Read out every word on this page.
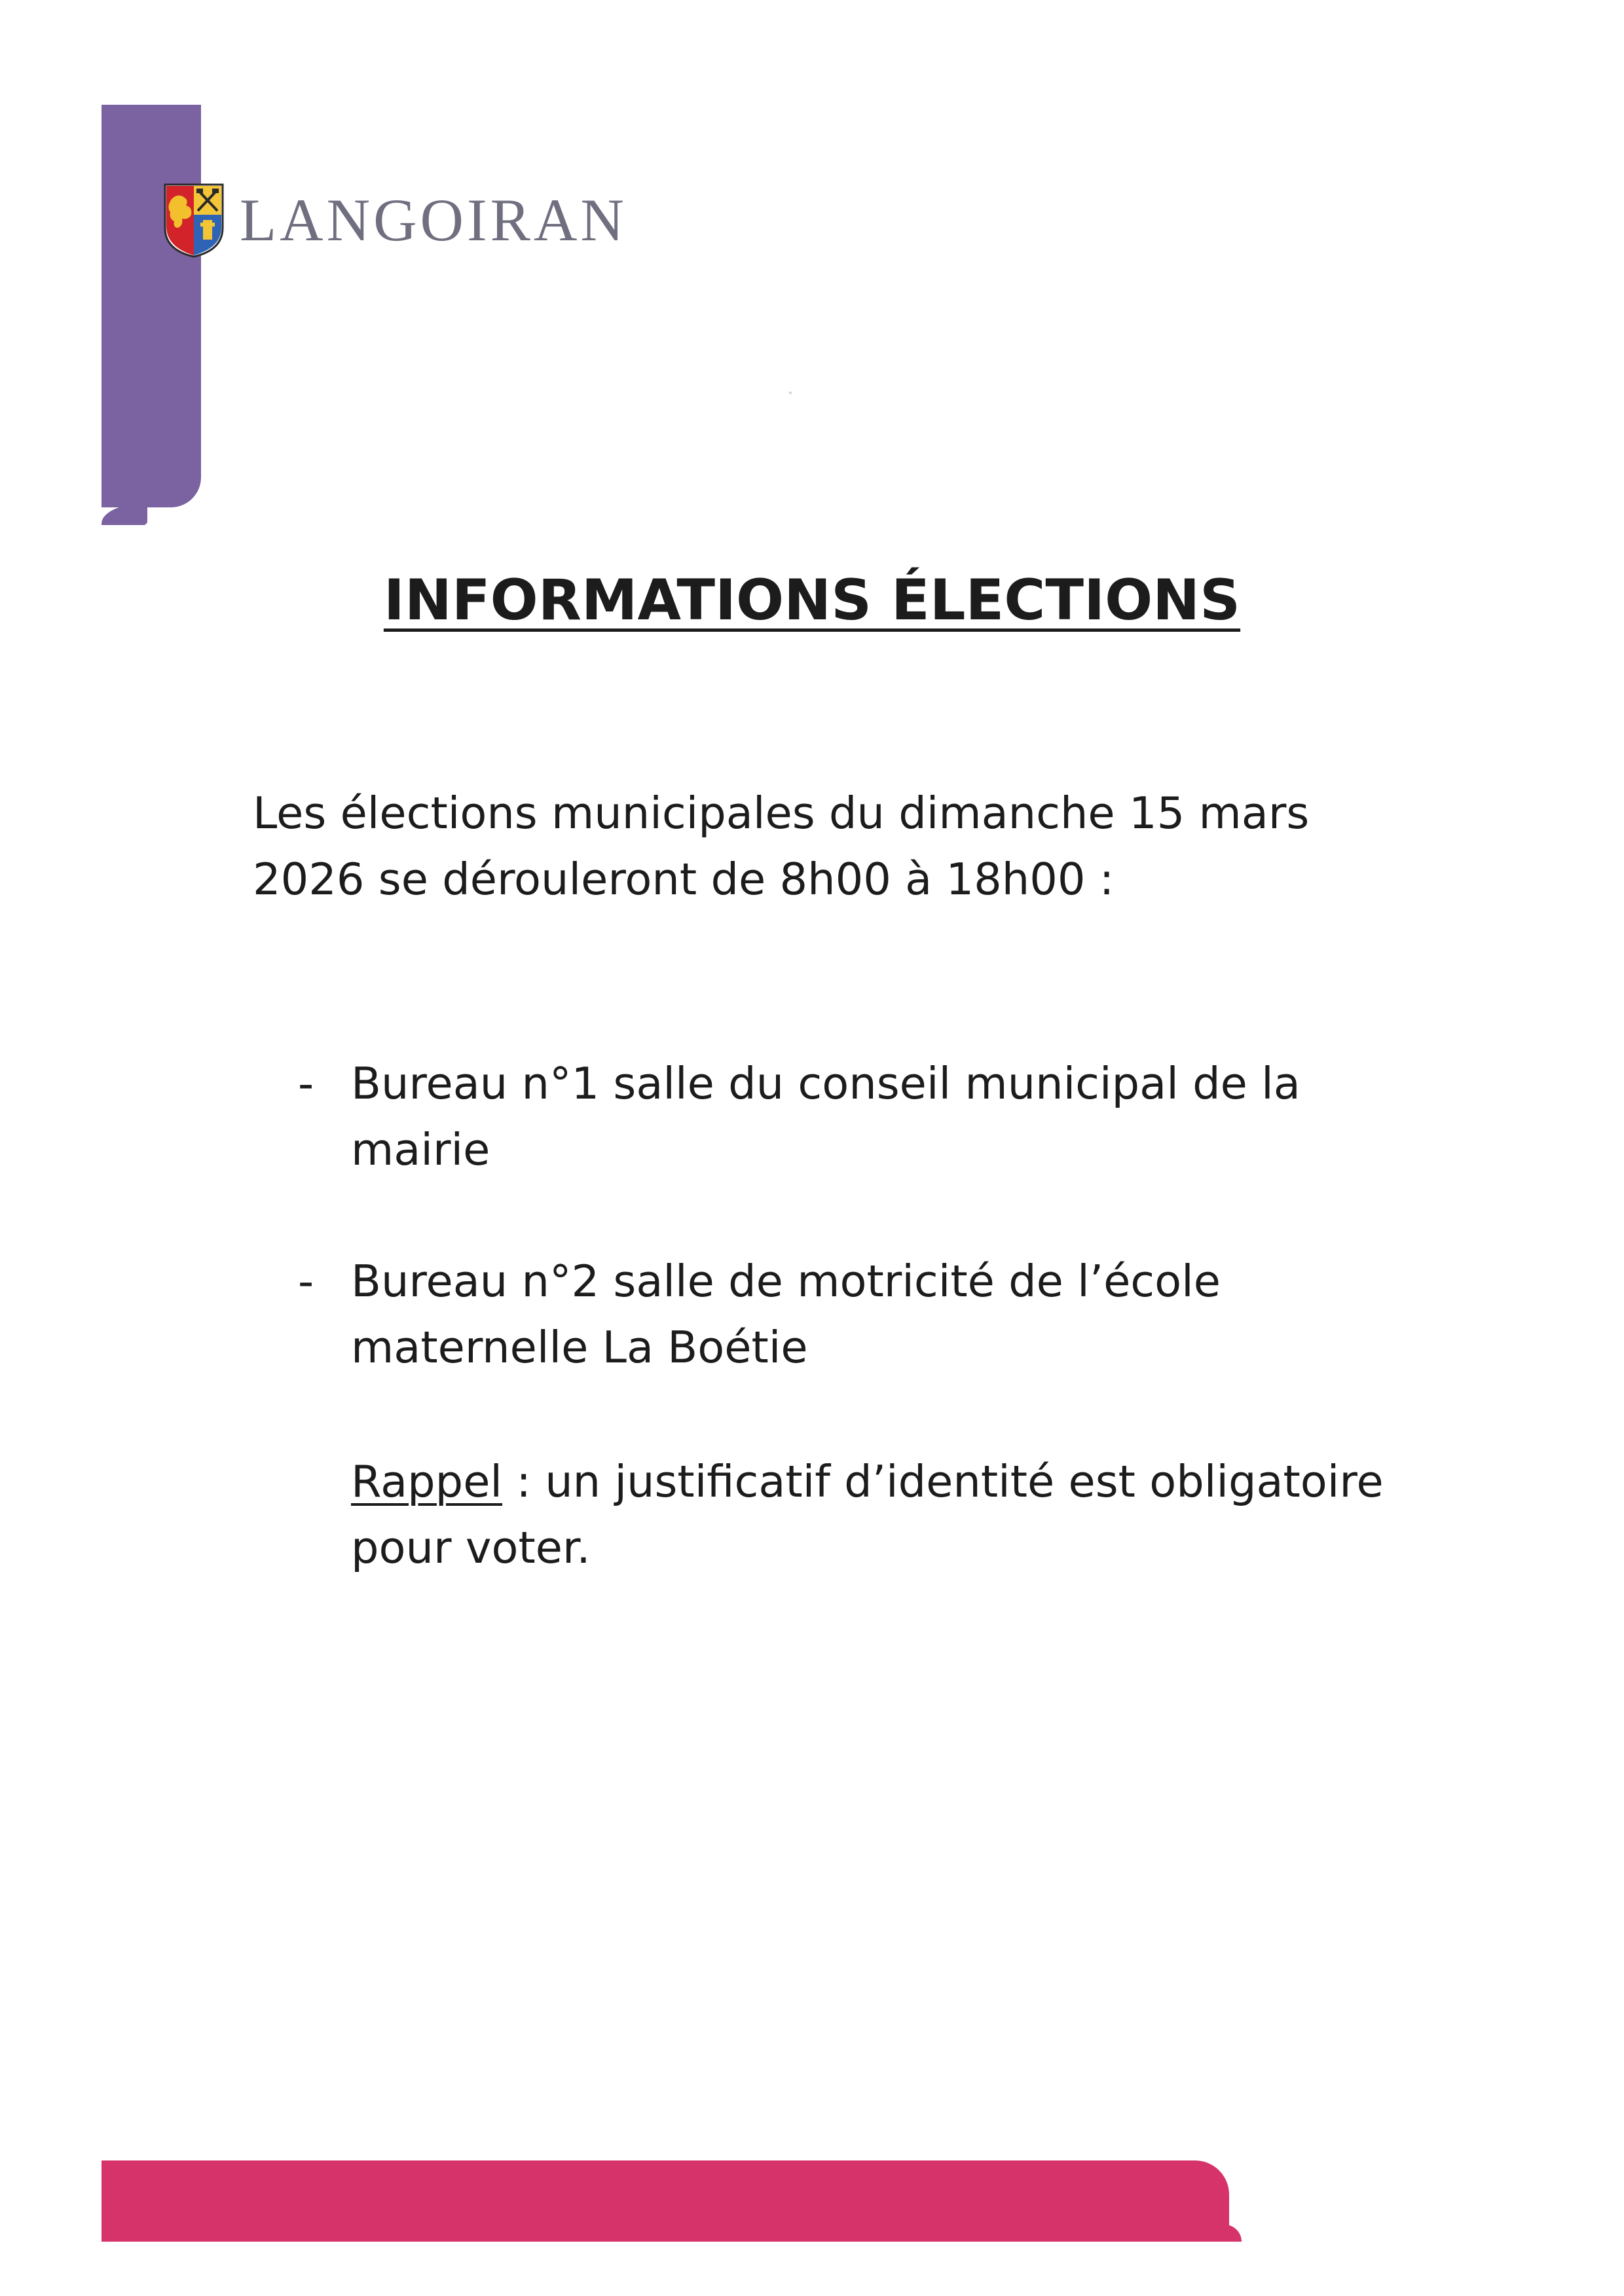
LANGOIRAN
INFORMATIONS ÉLECTIONS

Les élections municipales du dimanche 15 mars
2026 se dérouleront de 8h00 à 18h00 :

- Bureau n°1 salle du conseil municipal de la
mairie
- Bureau n°2 salle de motricité de l’école
maternelle La Boétie

Rappel : un justificatif d’identité est obligatoire
pour voter.
